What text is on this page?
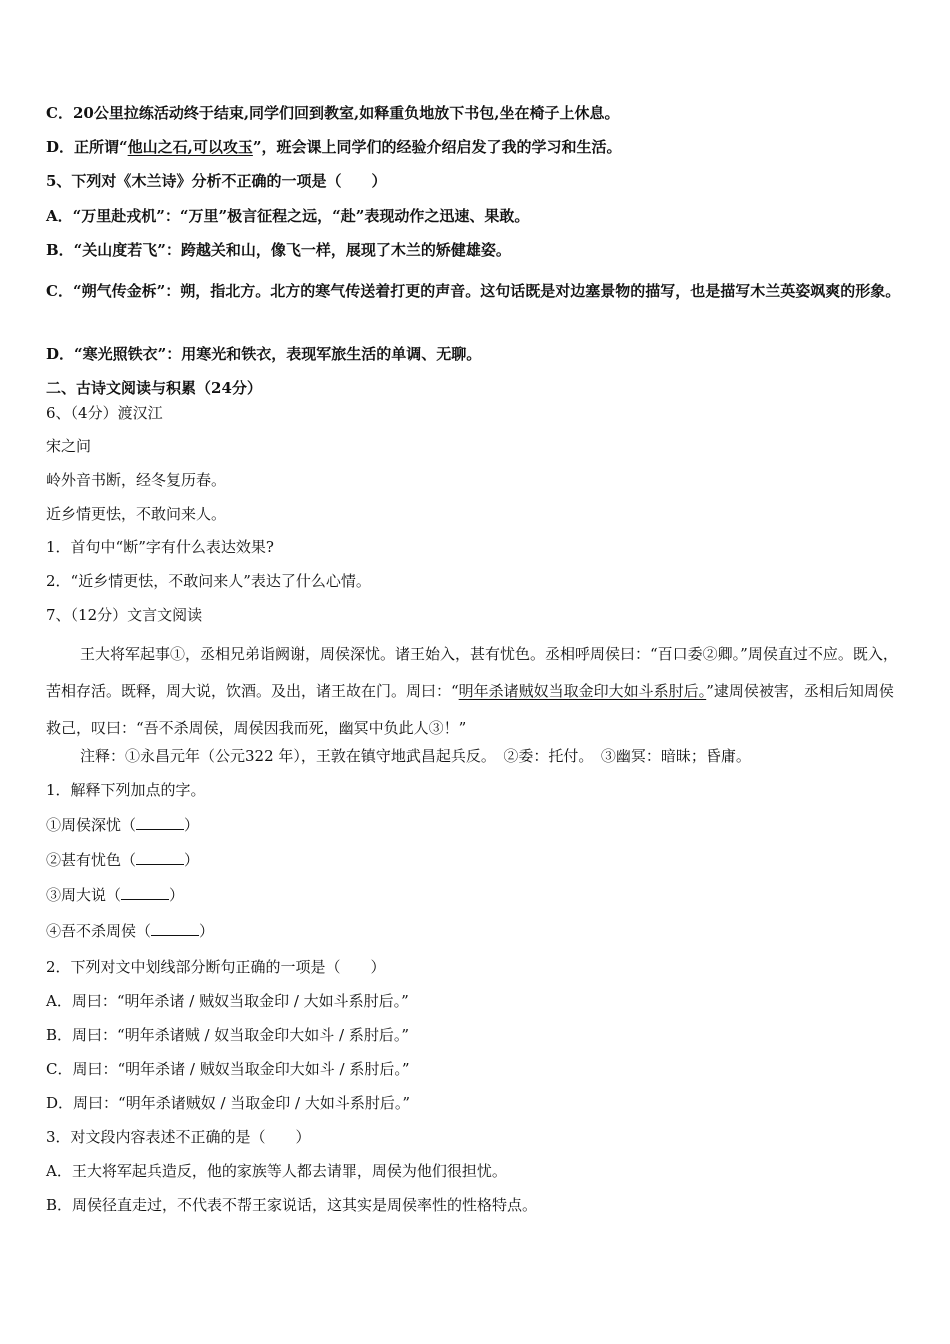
C．20公里拉练活动终于结束,同学们回到教室,如释重负地放下书包,坐在椅子上休息。
D．正所谓“他山之石,可以攻玉”，班会课上同学们的经验介绍启发了我的学习和生活。
5、下列对《木兰诗》分析不正确的一项是（　　）
A．“万里赴戎机”：“万里”极言征程之远，“赴”表现动作之迅速、果敢。
B．“关山度若飞”：跨越关和山，像飞一样，展现了木兰的矫健雄姿。
C．“朔气传金柝”：朔，指北方。北方的寒气传送着打更的声音。这句话既是对边塞景物的描写，也是描写木兰英姿飒爽的形象。
D．“寒光照铁衣”：用寒光和铁衣，表现军旅生活的单调、无聊。
二、古诗文阅读与积累（24分）
6、（4分）渡汉江
宋之问
岭外音书断，经冬复历春。
近乡情更怯，不敢问来人。
1．首句中“断”字有什么表达效果?
2．“近乡情更怯，不敢问来人”表达了什么心情。
7、（12分）文言文阅读
王大将军起事①，丞相兄弟诣阙谢，周侯深忧。诸王始入，甚有忧色。丞相呼周侯曰：“百口委②卿。”周侯直过不应。既入，苦相存活。既释，周大说，饮酒。及出，诸王故在门。周曰：“明年杀诸贼奴当取金印大如斗系肘后。”逮周侯被害，丞相后知周侯救己，叹曰：“吾不杀周侯，周侯因我而死，幽冥中负此人③！”
注释：①永昌元年（公元322 年），王敦在镇守地武昌起兵反。　②委：托付。　③幽冥：暗昧；昏庸。
1．解释下列加点的字。
①周侯深忧（	）
②甚有忧色（	）
③周大说（	）
④吾不杀周侯（	）
2．下列对文中划线部分断句正确的一项是（　　）
A．周曰：“明年杀诸 / 贼奴当取金印 / 大如斗系肘后。”
B．周曰：“明年杀诸贼 / 奴当取金印大如斗 / 系肘后。”
C．周曰：“明年杀诸 / 贼奴当取金印大如斗 / 系肘后。”
D．周曰：“明年杀诸贼奴 / 当取金印 / 大如斗系肘后。”
3．对文段内容表述不正确的是（　　）
A．王大将军起兵造反，他的家族等人都去请罪，周侯为他们很担忧。
B．周侯径直走过，不代表不帮王家说话，这其实是周侯率性的性格特点。
